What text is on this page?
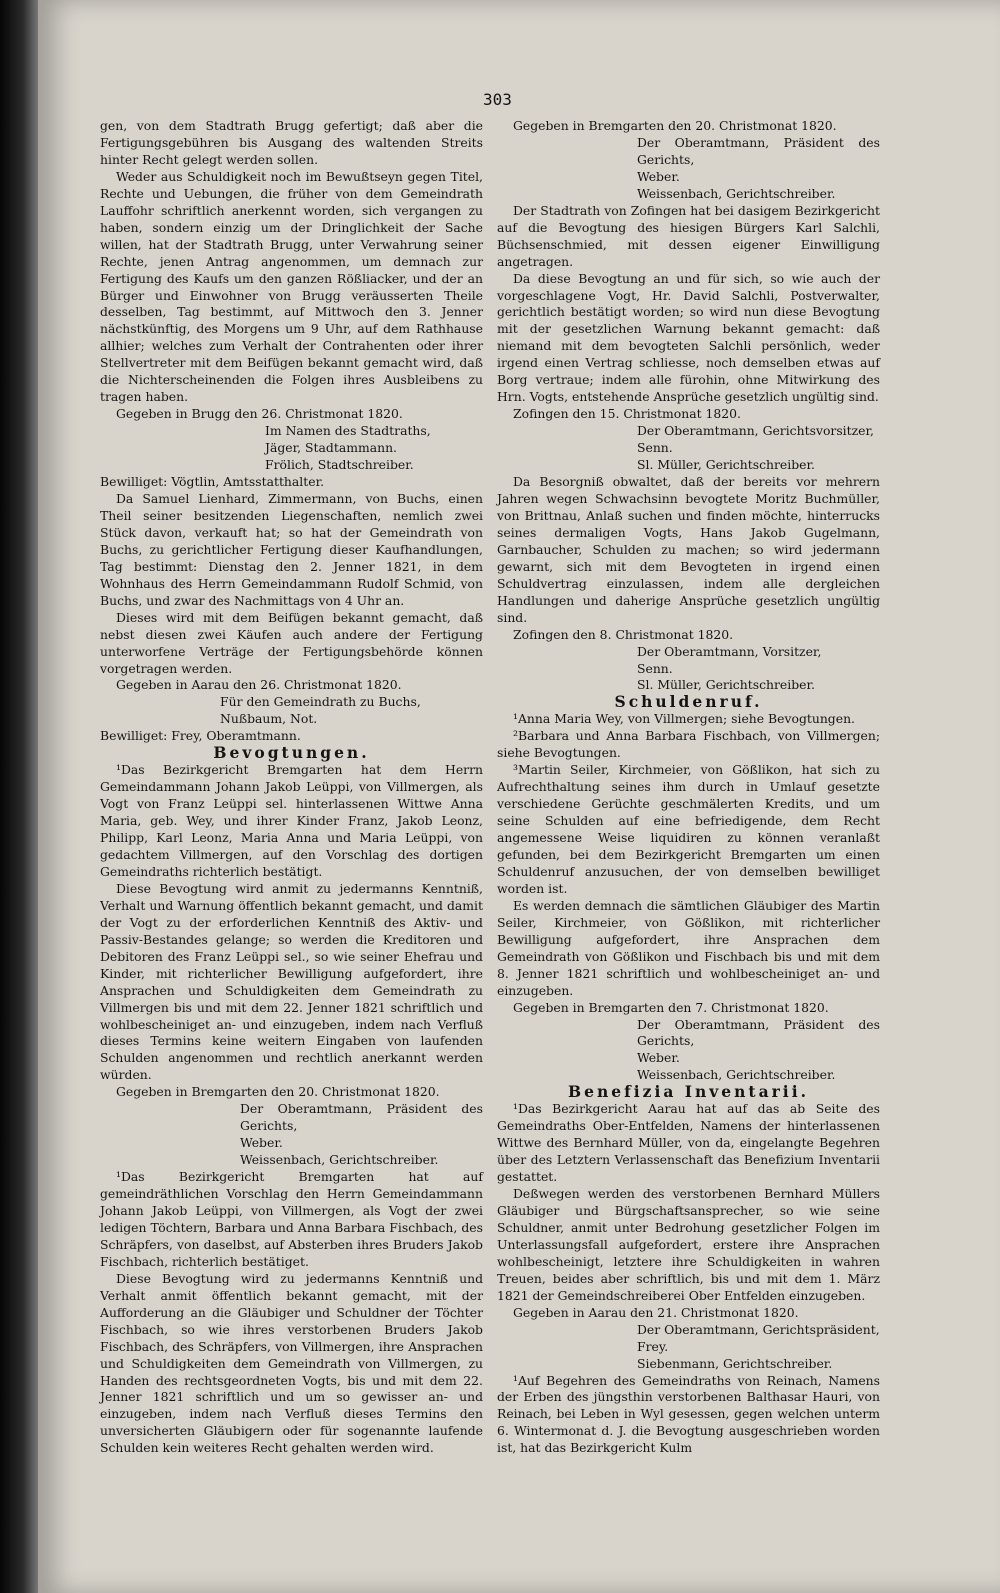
303

gen, von dem Stadtrath Brugg gefertigt; daß aber die Fertigungsgebühren bis Ausgang des waltenden Streits hinter Recht gelegt werden sollen.

Weder aus Schuldigkeit noch im Bewußtseyn gegen Titel, Rechte und Uebungen, die früher von dem Gemeindrath Lauffohr schriftlich anerkennt worden, sich vergangen zu haben, sondern einzig um der Dringlichkeit der Sache willen, hat der Stadtrath Brugg, unter Verwahrung seiner Rechte, jenen Antrag angenommen, um demnach zur Fertigung des Kaufs um den ganzen Rößliacker, und der an Bürger und Einwohner von Brugg veräusserten Theile desselben, Tag bestimmt, auf Mittwoch den 3. Jenner nächstkünftig, des Morgens um 9 Uhr, auf dem Rathhause allhier; welches zum Verhalt der Contrahenten oder ihrer Stellvertreter mit dem Beifügen bekannt gemacht wird, daß die Nichterscheinenden die Folgen ihres Ausbleibens zu tragen haben.

Gegeben in Brugg den 26. Christmonat 1820.

Im Namen des Stadtraths,

Jäger, Stadtammann.

Frölich, Stadtschreiber.

Bewilliget: Vögtlin, Amtsstatthalter.

Da Samuel Lienhard, Zimmermann, von Buchs, einen Theil seiner besitzenden Liegenschaften, nemlich zwei Stück davon, verkauft hat; so hat der Gemeindrath von Buchs, zu gerichtlicher Fertigung dieser Kaufhandlungen, Tag bestimmt: Dienstag den 2. Jenner 1821, in dem Wohnhaus des Herrn Gemeindammann Rudolf Schmid, von Buchs, und zwar des Nachmittags von 4 Uhr an.

Dieses wird mit dem Beifügen bekannt gemacht, daß nebst diesen zwei Käufen auch andere der Fertigung unterworfene Verträge der Fertigungsbehörde können vorgetragen werden.

Gegeben in Aarau den 26. Christmonat 1820.

Für den Gemeindrath zu Buchs,

Nußbaum, Not.

Bewilliget: Frey, Oberamtmann.

Bevogtungen.

¹Das Bezirkgericht Bremgarten hat dem Herrn Gemeindammann Johann Jakob Leüppi, von Villmergen, als Vogt von Franz Leüppi sel. hinterlassenen Wittwe Anna Maria, geb. Wey, und ihrer Kinder Franz, Jakob Leonz, Philipp, Karl Leonz, Maria Anna und Maria Leüppi, von gedachtem Villmergen, auf den Vorschlag des dortigen Gemeindraths richterlich bestätigt.

Diese Bevogtung wird anmit zu jedermanns Kenntniß, Verhalt und Warnung öffentlich bekannt gemacht, und damit der Vogt zu der erforderlichen Kenntniß des Aktiv- und Passiv-Bestandes gelange; so werden die Kreditoren und Debitoren des Franz Leüppi sel., so wie seiner Ehefrau und Kinder, mit richterlicher Bewilligung aufgefordert, ihre Ansprachen und Schuldigkeiten dem Gemeindrath zu Villmergen bis und mit dem 22. Jenner 1821 schriftlich und wohlbescheiniget an- und einzugeben, indem nach Verfluß dieses Termins keine weitern Eingaben von laufenden Schulden angenommen und rechtlich anerkannt werden würden.

Gegeben in Bremgarten den 20. Christmonat 1820.

Der Oberamtmann, Präsident des Gerichts,

Weber.

Weissenbach, Gerichtschreiber.

¹Das Bezirkgericht Bremgarten hat auf gemeindräthlichen Vorschlag den Herrn Gemeindammann Johann Jakob Leüppi, von Villmergen, als Vogt der zwei ledigen Töchtern, Barbara und Anna Barbara Fischbach, des Schräpfers, von daselbst, auf Absterben ihres Bruders Jakob Fischbach, richterlich bestätiget.

Diese Bevogtung wird zu jedermanns Kenntniß und Verhalt anmit öffentlich bekannt gemacht, mit der Aufforderung an die Gläubiger und Schuldner der Töchter Fischbach, so wie ihres verstorbenen Bruders Jakob Fischbach, des Schräpfers, von Villmergen, ihre Ansprachen und Schuldigkeiten dem Gemeindrath von Villmergen, zu Handen des rechtsgeordneten Vogts, bis und mit dem 22. Jenner 1821 schriftlich und um so gewisser an- und einzugeben, indem nach Verfluß dieses Termins den unversicherten Gläubigern oder für sogenannte laufende Schulden kein weiteres Recht gehalten werden wird.

Gegeben in Bremgarten den 20. Christmonat 1820.

Der Oberamtmann, Präsident des Gerichts,

Weber.

Weissenbach, Gerichtschreiber.

Der Stadtrath von Zofingen hat bei dasigem Bezirkgericht auf die Bevogtung des hiesigen Bürgers Karl Salchli, Büchsenschmied, mit dessen eigener Einwilligung angetragen.

Da diese Bevogtung an und für sich, so wie auch der vorgeschlagene Vogt, Hr. David Salchli, Postverwalter, gerichtlich bestätigt worden; so wird nun diese Bevogtung mit der gesetzlichen Warnung bekannt gemacht: daß niemand mit dem bevogteten Salchli persönlich, weder irgend einen Vertrag schliesse, noch demselben etwas auf Borg vertraue; indem alle fürohin, ohne Mitwirkung des Hrn. Vogts, entstehende Ansprüche gesetzlich ungültig sind.

Zofingen den 15. Christmonat 1820.

Der Oberamtmann, Gerichtsvorsitzer,

Senn.

Sl. Müller, Gerichtschreiber.

Da Besorgniß obwaltet, daß der bereits vor mehrern Jahren wegen Schwachsinn bevogtete Moritz Buchmüller, von Brittnau, Anlaß suchen und finden möchte, hinterrucks seines dermaligen Vogts, Hans Jakob Gugelmann, Garnbaucher, Schulden zu machen; so wird jedermann gewarnt, sich mit dem Bevogteten in irgend einen Schuldvertrag einzulassen, indem alle dergleichen Handlungen und daherige Ansprüche gesetzlich ungültig sind.

Zofingen den 8. Christmonat 1820.

Der Oberamtmann, Vorsitzer,

Senn.

Sl. Müller, Gerichtschreiber.

Schuldenruf.

¹Anna Maria Wey, von Villmergen; siehe Bevogtungen.

²Barbara und Anna Barbara Fischbach, von Villmergen; siehe Bevogtungen.

³Martin Seiler, Kirchmeier, von Gößlikon, hat sich zu Aufrechthaltung seines ihm durch in Umlauf gesetzte verschiedene Gerüchte geschmälerten Kredits, und um seine Schulden auf eine befriedigende, dem Recht angemessene Weise liquidiren zu können veranlaßt gefunden, bei dem Bezirkgericht Bremgarten um einen Schuldenruf anzusuchen, der von demselben bewilliget worden ist.

Es werden demnach die sämtlichen Gläubiger des Martin Seiler, Kirchmeier, von Gößlikon, mit richterlicher Bewilligung aufgefordert, ihre Ansprachen dem Gemeindrath von Gößlikon und Fischbach bis und mit dem 8. Jenner 1821 schriftlich und wohlbescheiniget an- und einzugeben.

Gegeben in Bremgarten den 7. Christmonat 1820.

Der Oberamtmann, Präsident des Gerichts,

Weber.

Weissenbach, Gerichtschreiber.

Benefizia Inventarii.

¹Das Bezirkgericht Aarau hat auf das ab Seite des Gemeindraths Ober-Entfelden, Namens der hinterlassenen Wittwe des Bernhard Müller, von da, eingelangte Begehren über des Letztern Verlassenschaft das Benefizium Inventarii gestattet.

Deßwegen werden des verstorbenen Bernhard Müllers Gläubiger und Bürgschaftsansprecher, so wie seine Schuldner, anmit unter Bedrohung gesetzlicher Folgen im Unterlassungsfall aufgefordert, erstere ihre Ansprachen wohlbescheinigt, letztere ihre Schuldigkeiten in wahren Treuen, beides aber schriftlich, bis und mit dem 1. März 1821 der Gemeindschreiberei Ober Entfelden einzugeben.

Gegeben in Aarau den 21. Christmonat 1820.

Der Oberamtmann, Gerichtspräsident,

Frey.

Siebenmann, Gerichtschreiber.

¹Auf Begehren des Gemeindraths von Reinach, Namens der Erben des jüngsthin verstorbenen Balthasar Hauri, von Reinach, bei Leben in Wyl gesessen, gegen welchen unterm 6. Wintermonat d. J. die Bevogtung ausgeschrieben worden ist, hat das Bezirkgericht Kulm
